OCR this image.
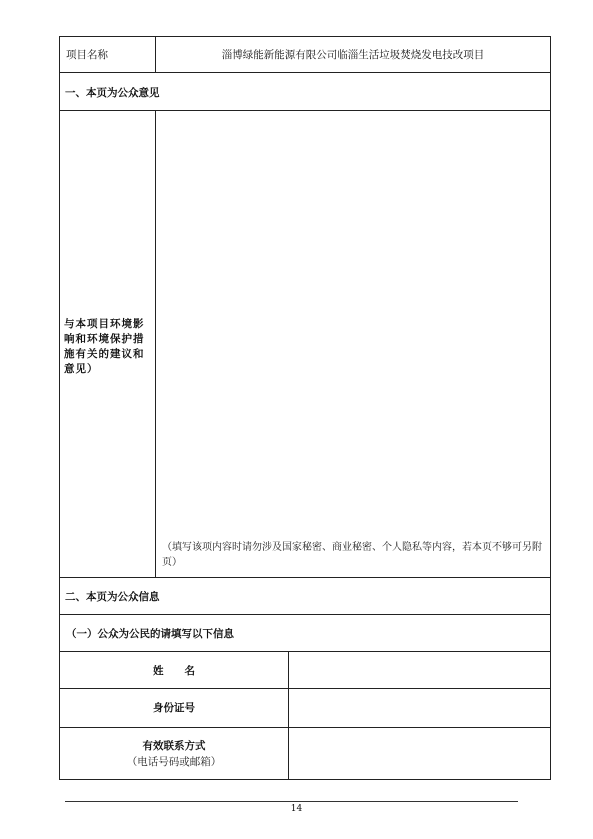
项目名称	淄博绿能新能源有限公司临淄生活垃圾焚烧发电技改项目
一、本页为公众意见
与本项目环境影响和环境保护措施有关的建议和意见）
（填写该项内容时请勿涉及国家秘密、商业秘密、个人隐私等内容，若本页不够可另附页）
二、本页为公众信息
（一）公众为公民的请填写以下信息
姓　　名
身份证号
有效联系方式
（电话号码或邮箱）
14
